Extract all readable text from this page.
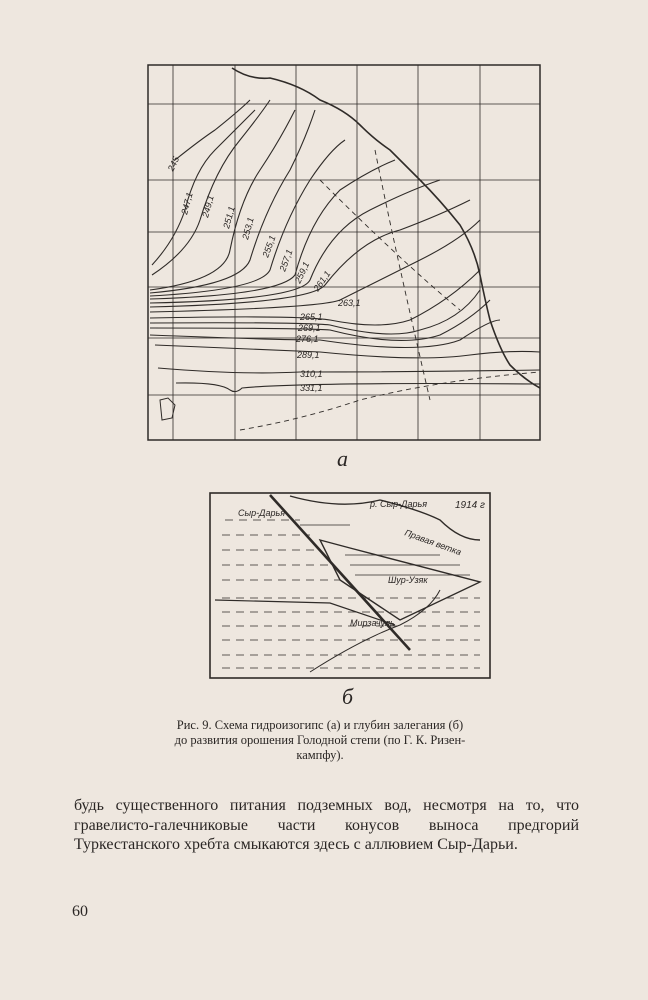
245
247,1 249,1 251,1 253,1
255,1
257,1
259,1 261,1
263,1
265,1
269,1
276,1
289,1
310,1
331,1
Сыр-Дарья
р. Сыр-Дарья	1914 г
Правая ветка
Шур-Узяк
Мирзачуль
а
б
Рис. 9. Схема гидроизогипс (а) и глубин залегания (б)
до развития орошения Голодной степи (по Г. К. Ризен-
кампфу).

будь существенного питания подземных вод, несмотря на то, что гравелисто-галечниковые части конусов выноса предгорий Туркестанского хребта смыкаются здесь с аллювием Сыр-Дарьи.

60
